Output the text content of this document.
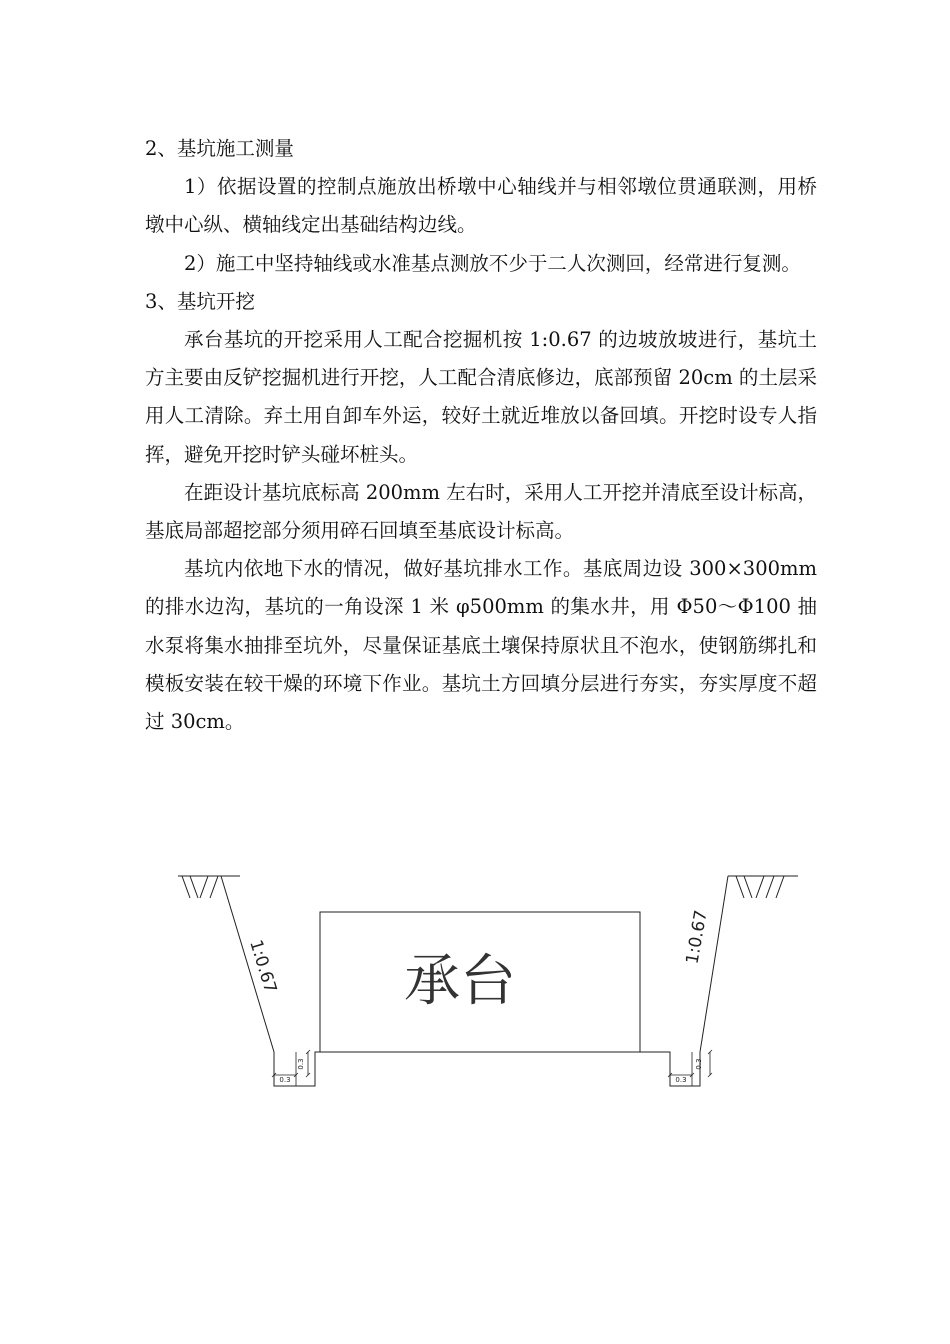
2、基坑施工测量

1）依据设置的控制点施放出桥墩中心轴线并与相邻墩位贯通联测，用桥墩中心纵、横轴线定出基础结构边线。

2）施工中坚持轴线或水准基点测放不少于二人次测回，经常进行复测。

3、基坑开挖

承台基坑的开挖采用人工配合挖掘机按 1:0.67 的边坡放坡进行，基坑土方主要由反铲挖掘机进行开挖，人工配合清底修边，底部预留 20cm 的土层采用人工清除。弃土用自卸车外运，较好土就近堆放以备回填。开挖时设专人指挥，避免开挖时铲头碰坏桩头。

在距设计基坑底标高 200mm 左右时，采用人工开挖并清底至设计标高，基底局部超挖部分须用碎石回填至基底设计标高。

基坑内依地下水的情况，做好基坑排水工作。基底周边设 300×300mm 的排水边沟，基坑的一角设深 1 米 φ500mm 的集水井，用 Φ50～Φ100 抽水泵将集水抽排至坑外，尽量保证基底土壤保持原状且不泡水，使钢筋绑扎和模板安装在较干燥的环境下作业。基坑土方回填分层进行夯实，夯实厚度不超过 30cm。

承台
1:0.67
1:0.67
0.3
0.3
0.3
0.3
